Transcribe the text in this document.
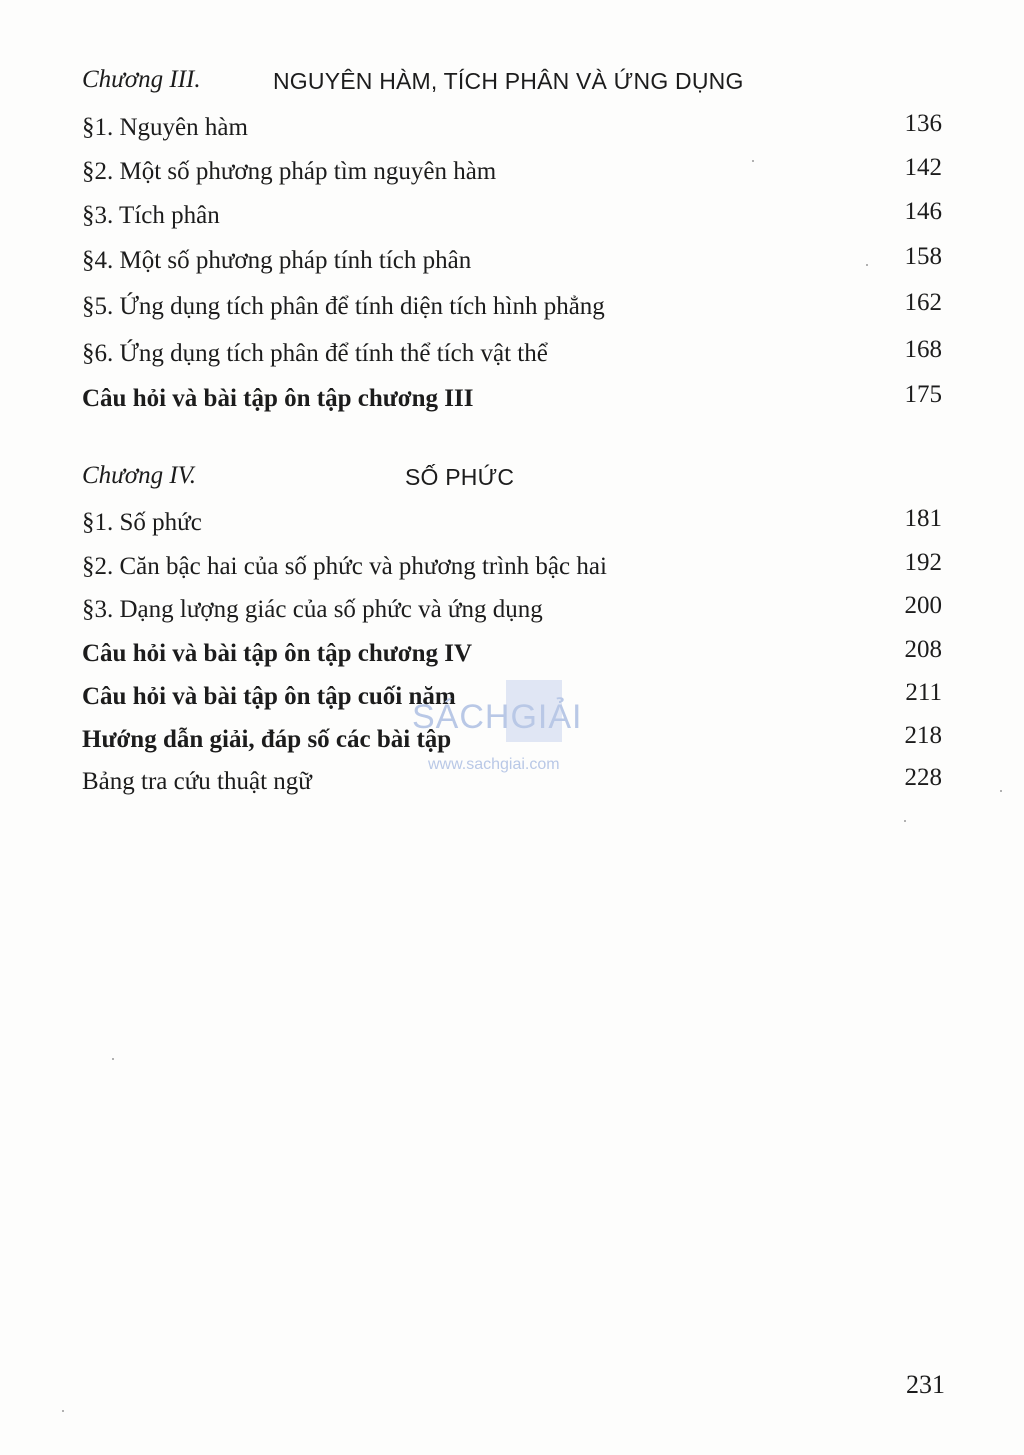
Chương III.	NGUYÊN HÀM, TÍCH PHÂN VÀ ỨNG DỤNG
§1. Nguyên hàm	136
§2. Một số phương pháp tìm nguyên hàm	142
§3. Tích phân	146
§4. Một số phương pháp tính tích phân	158
§5. Ứng dụng tích phân để tính diện tích hình phẳng	162
§6. Ứng dụng tích phân để tính thể tích vật thể	168
Câu hỏi và bài tập ôn tập chương III	175
Chương IV.	SỐ PHỨC
§1. Số phức	181
§2. Căn bậc hai của số phức và phương trình bậc hai	192
§3. Dạng lượng giác của số phức và ứng dụng	200
Câu hỏi và bài tập ôn tập chương IV	208
Câu hỏi và bài tập ôn tập cuối năm	211
Hướng dẫn giải, đáp số các bài tập	218
Bảng tra cứu thuật ngữ	228
SÁCHGIẢI
www.sachgiai.com
231
